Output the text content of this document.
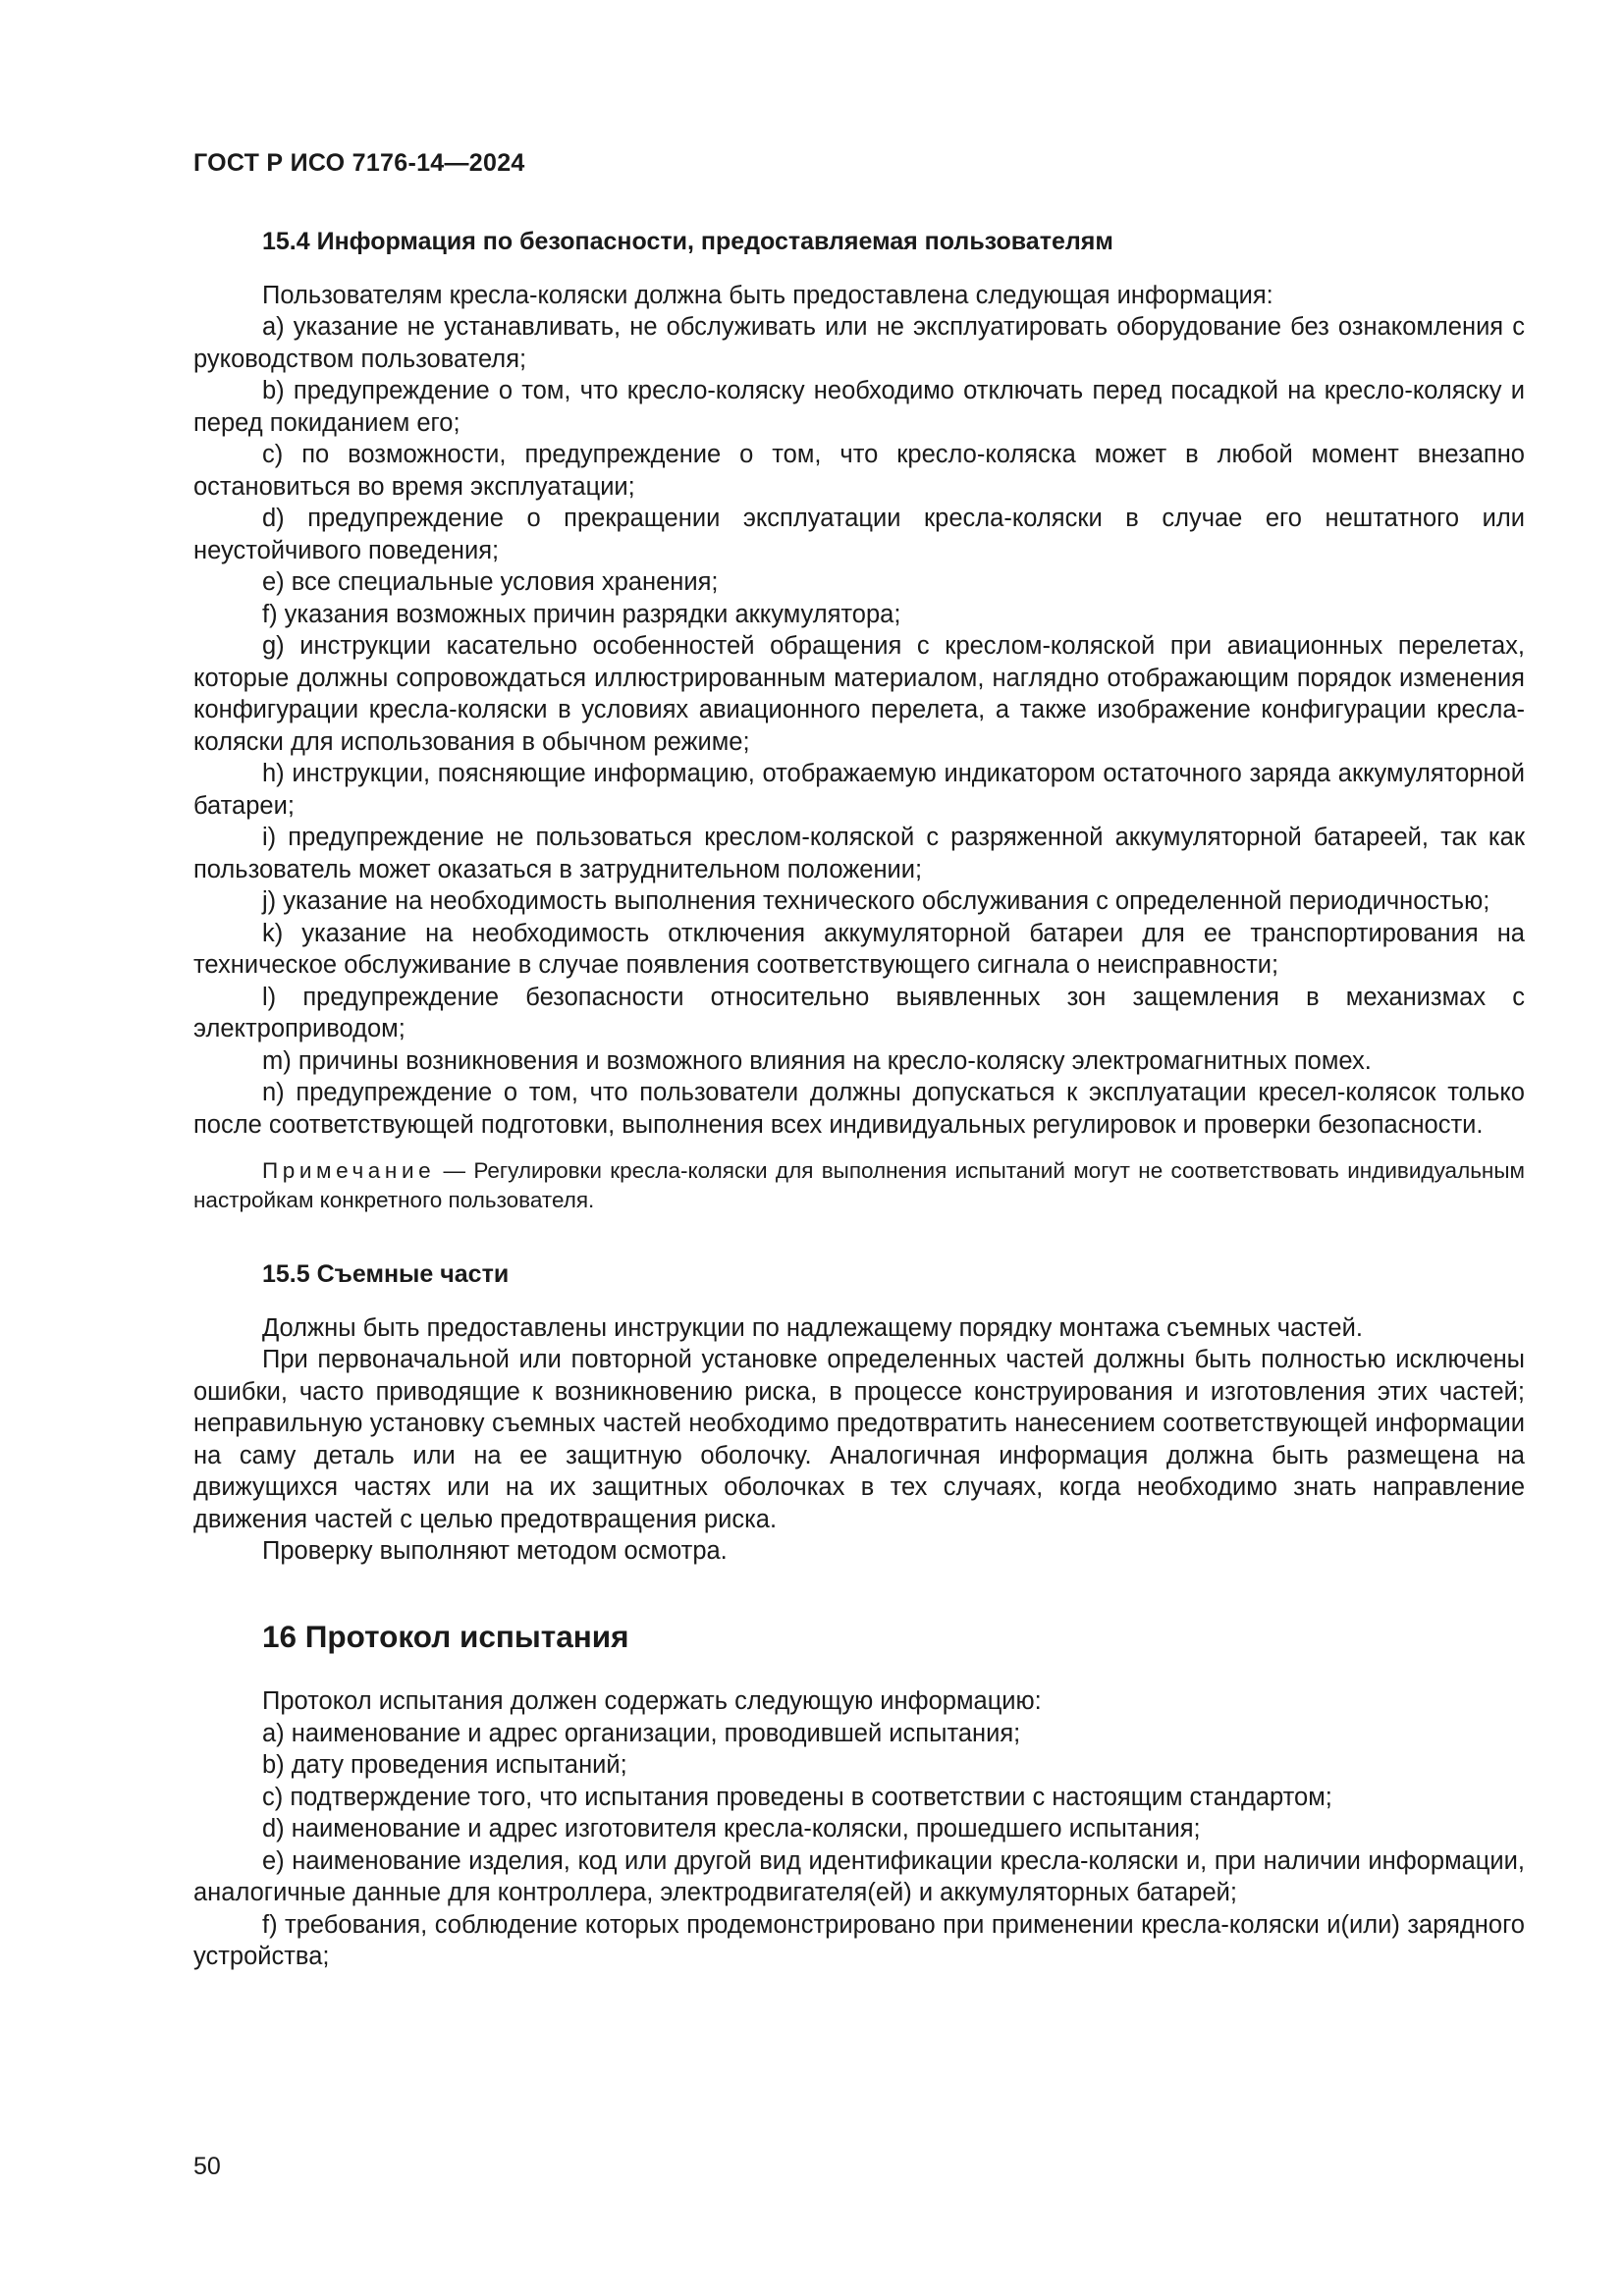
ГОСТ Р ИСО 7176-14—2024
15.4 Информация по безопасности, предоставляемая пользователям

Пользователям кресла-коляски должна быть предоставлена следующая информация:

a) указание не устанавливать, не обслуживать или не эксплуатировать оборудование без ознакомления с руководством пользователя;

b) предупреждение о том, что кресло-коляску необходимо отключать перед посадкой на кресло-коляску и перед покиданием его;

c) по возможности, предупреждение о том, что кресло-коляска может в любой момент внезапно остановиться во время эксплуатации;

d) предупреждение о прекращении эксплуатации кресла-коляски в случае его нештатного или неустойчивого поведения;

e) все специальные условия хранения;

f) указания возможных причин разрядки аккумулятора;

g) инструкции касательно особенностей обращения с креслом-коляской при авиационных перелетах, которые должны сопровождаться иллюстрированным материалом, наглядно отображающим порядок изменения конфигурации кресла-коляски в условиях авиационного перелета, а также изображение конфигурации кресла-коляски для использования в обычном режиме;

h) инструкции, поясняющие информацию, отображаемую индикатором остаточного заряда аккумуляторной батареи;

i) предупреждение не пользоваться креслом-коляской с разряженной аккумуляторной батареей, так как пользователь может оказаться в затруднительном положении;

j) указание на необходимость выполнения технического обслуживания с определенной периодичностью;

k) указание на необходимость отключения аккумуляторной батареи для ее транспортирования на техническое обслуживание в случае появления соответствующего сигнала о неисправности;

l) предупреждение безопасности относительно выявленных зон защемления в механизмах с электроприводом;

m) причины возникновения и возможного влияния на кресло-коляску электромагнитных помех.

n) предупреждение о том, что пользователи должны допускаться к эксплуатации кресел-колясок только после соответствующей подготовки, выполнения всех индивидуальных регулировок и проверки безопасности.

Примечание — Регулировки кресла-коляски для выполнения испытаний могут не соответствовать индивидуальным настройкам конкретного пользователя.

15.5 Съемные части

Должны быть предоставлены инструкции по надлежащему порядку монтажа съемных частей.

При первоначальной или повторной установке определенных частей должны быть полностью исключены ошибки, часто приводящие к возникновению риска, в процессе конструирования и изготовления этих частей; неправильную установку съемных частей необходимо предотвратить нанесением соответствующей информации на саму деталь или на ее защитную оболочку. Аналогичная информация должна быть размещена на движущихся частях или на их защитных оболочках в тех случаях, когда необходимо знать направление движения частей с целью предотвращения риска.

Проверку выполняют методом осмотра.

16 Протокол испытания

Протокол испытания должен содержать следующую информацию:

a) наименование и адрес организации, проводившей испытания;

b) дату проведения испытаний;

c) подтверждение того, что испытания проведены в соответствии с настоящим стандартом;

d) наименование и адрес изготовителя кресла-коляски, прошедшего испытания;

e) наименование изделия, код или другой вид идентификации кресла-коляски и, при наличии информации, аналогичные данные для контроллера, электродвигателя(ей) и аккумуляторных батарей;

f) требования, соблюдение которых продемонстрировано при применении кресла-коляски и(или) зарядного устройства;

50
